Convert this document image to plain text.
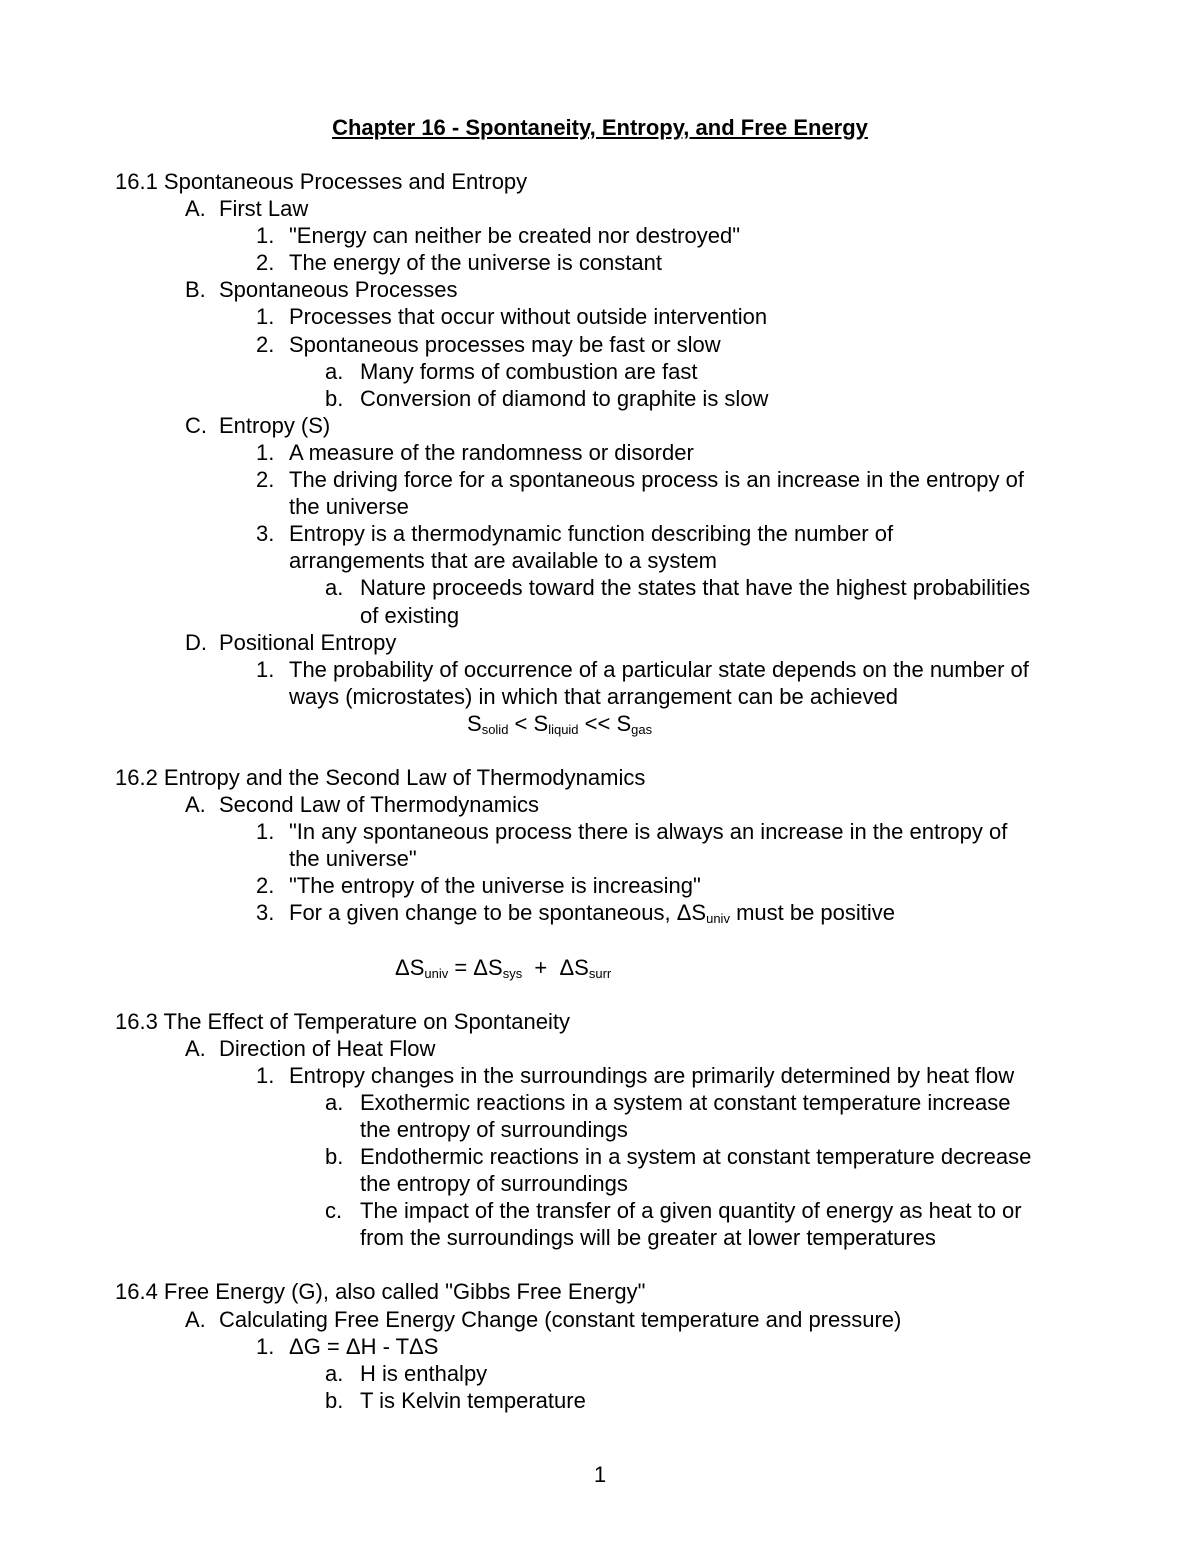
Chapter 16 - Spontaneity, Entropy, and Free Energy
16.1 Spontaneous Processes and Entropy
A. First Law
1. "Energy can neither be created nor destroyed"
2. The energy of the universe is constant
B. Spontaneous Processes
1. Processes that occur without outside intervention
2. Spontaneous processes may be fast or slow
a. Many forms of combustion are fast
b. Conversion of diamond to graphite is slow
C. Entropy (S)
1. A measure of the randomness or disorder
2. The driving force for a spontaneous process is an increase in the entropy of
the universe
3. Entropy is a thermodynamic function describing the number of
arrangements that are available to a system
a. Nature proceeds toward the states that have the highest probabilities
of existing
D. Positional Entropy
1. The probability of occurrence of a particular state depends on the number of
ways (microstates) in which that arrangement can be achieved
$S_{solid} < S_{liquid} << S_{gas}$
16.2 Entropy and the Second Law of Thermodynamics
A. Second Law of Thermodynamics
1. "In any spontaneous process there is always an increase in the entropy of
the universe"
2. "The entropy of the universe is increasing"
3. For a given change to be spontaneous, $\Delta S_{univ}$ must be positive
$\Delta S_{univ} = \Delta S_{sys} + \Delta S_{surr}$
16.3 The Effect of Temperature on Spontaneity
A. Direction of Heat Flow
1. Entropy changes in the surroundings are primarily determined by heat flow
a. Exothermic reactions in a system at constant temperature increase
the entropy of surroundings
b. Endothermic reactions in a system at constant temperature decrease
the entropy of surroundings
c. The impact of the transfer of a given quantity of energy as heat to or
from the surroundings will be greater at lower temperatures
16.4 Free Energy (G), also called "Gibbs Free Energy"
A. Calculating Free Energy Change (constant temperature and pressure)
1. ΔG = ΔH - TΔS
a. H is enthalpy
b. T is Kelvin temperature
1
